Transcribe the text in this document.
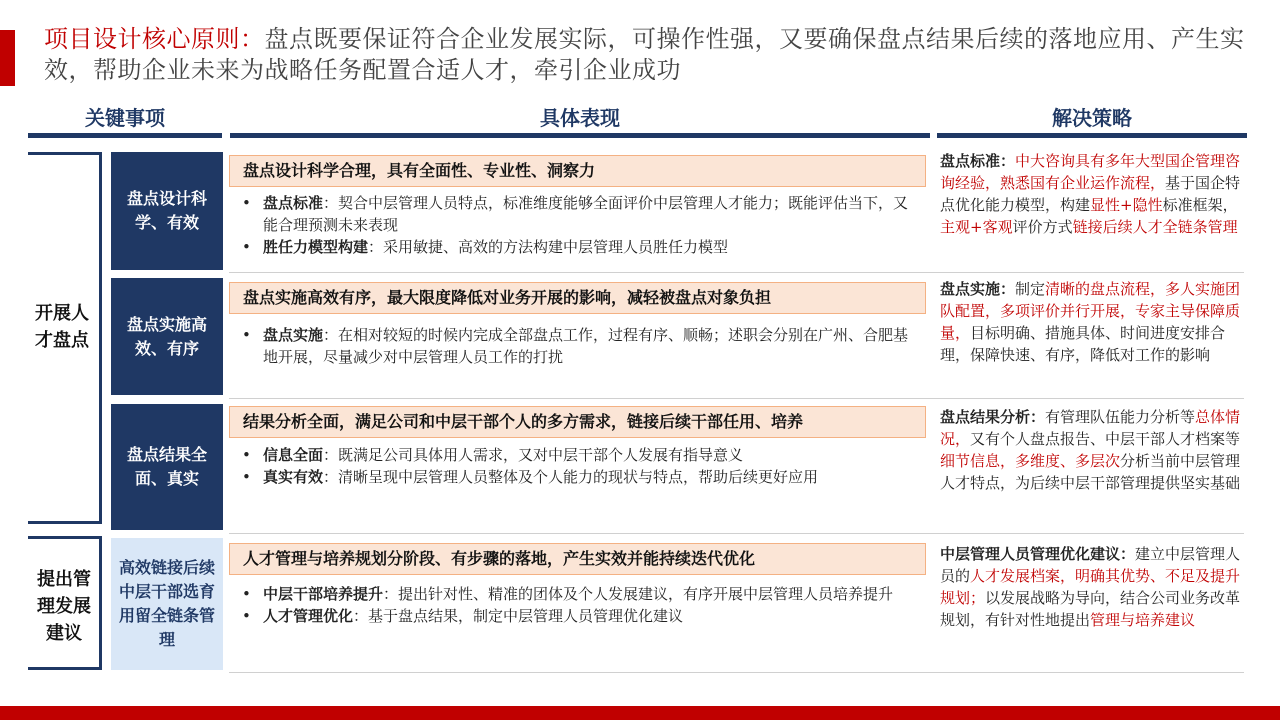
项目设计核心原则：盘点既要保证符合企业发展实际，可操作性强，又要确保盘点结果后续的落地应用、产生实效，帮助企业未来为战略任务配置合适人才，牵引企业成功
关键事项	具体表现	解决策略
开展人才盘点
提出管理发展建议
盘点设计科学、有效
盘点设计科学合理，具有全面性、专业性、洞察力
• 盘点标准：契合中层管理人员特点，标准维度能够全面评价中层管理人才能力；既能评估当下，又能合理预测未来表现
• 胜任力模型构建：采用敏捷、高效的方法构建中层管理人员胜任力模型
盘点标准：中大咨询具有多年大型国企管理咨询经验，熟悉国有企业运作流程，基于国企特点优化能力模型，构建显性+隐性标准框架，主观+客观评价方式链接后续人才全链条管理
盘点实施高效、有序
盘点实施高效有序，最大限度降低对业务开展的影响，减轻被盘点对象负担
• 盘点实施：在相对较短的时候内完成全部盘点工作，过程有序、顺畅；述职会分别在广州、合肥基地开展，尽量减少对中层管理人员工作的打扰
盘点实施：制定清晰的盘点流程，多人实施团队配置，多项评价并行开展，专家主导保障质量，目标明确、措施具体、时间进度安排合理，保障快速、有序，降低对工作的影响
盘点结果全面、真实
结果分析全面，满足公司和中层干部个人的多方需求，链接后续干部任用、培养
• 信息全面：既满足公司具体用人需求，又对中层干部个人发展有指导意义
• 真实有效：清晰呈现中层管理人员整体及个人能力的现状与特点，帮助后续更好应用
盘点结果分析：有管理队伍能力分析等总体情况，又有个人盘点报告、中层干部人才档案等细节信息，多维度、多层次分析当前中层管理人才特点，为后续中层干部管理提供坚实基础
高效链接后续中层干部选育用留全链条管理
人才管理与培养规划分阶段、有步骤的落地，产生实效并能持续迭代优化
• 中层干部培养提升：提出针对性、精准的团体及个人发展建议，有序开展中层管理人员培养提升
• 人才管理优化：基于盘点结果，制定中层管理人员管理优化建议
中层管理人员管理优化建议：建立中层管理人员的人才发展档案，明确其优势、不足及提升规划；以发展战略为导向，结合公司业务改革规划，有针对性地提出管理与培养建议
